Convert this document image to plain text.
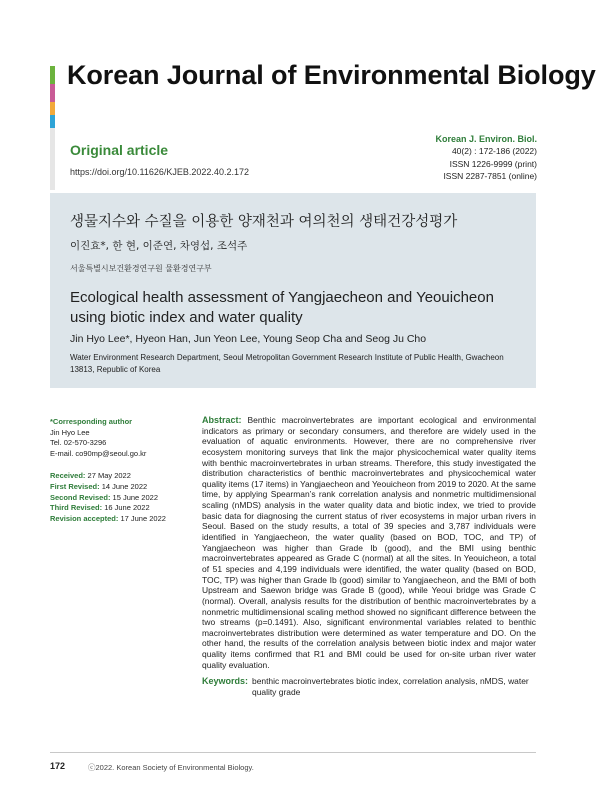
Korean Journal of Environmental Biology
Original article
https://doi.org/10.11626/KJEB.2022.40.2.172
Korean J. Environ. Biol.
40(2) : 172-186 (2022)
ISSN 1226-9999 (print)
ISSN 2287-7851 (online)
생물지수와 수질을 이용한 양재천과 여의천의 생태건강성평가
이진효*, 한 현, 이준연, 차영섭, 조석주
서울특별시보건환경연구원 물환경연구부
Ecological health assessment of Yangjaecheon and Yeouicheon using biotic index and water quality
Jin Hyo Lee*, Hyeon Han, Jun Yeon Lee, Young Seop Cha and Seog Ju Cho
Water Environment Research Department, Seoul Metropolitan Government Research Institute of Public Health, Gwacheon 13813, Republic of Korea

*Corresponding author

Jin Hyo Lee

Tel. 02-570-3296

E-mail. co90mp@seoul.go.kr

Received: 27 May 2022

First Revised: 14 June 2022

Second Revised: 15 June 2022

Third Revised: 16 June 2022

Revision accepted: 17 June 2022

Abstract: Benthic macroinvertebrates are important ecological and environmental indicators as primary or secondary consumers, and therefore are widely used in the evaluation of aquatic environments. However, there are no comprehensive river ecosystem monitoring surveys that link the major physicochemical water quality items with benthic macroinvertebrates in urban streams. Therefore, this study investigated the distribution characteristics of benthic macroinvertebrates and physicochemical water quality items (17 items) in Yangjaecheon and Yeouicheon from 2019 to 2020. At the same time, by applying Spearman’s rank correlation analysis and nonmetric multidimensional scaling (nMDS) analysis in the water quality data and biotic index, we tried to provide basic data for diagnosing the current status of river ecosystems in major urban rivers in Seoul. Based on the study results, a total of 39 species and 3,787 individuals were identified in Yangjaecheon, the water quality (based on BOD, TOC, and TP) of Yangjaecheon was higher than Grade Ib (good), and the BMI using benthic macroinvertebrates appeared as Grade C (normal) at all the sites. In Yeouicheon, a total of 51 species and 4,199 individuals were identified, the water quality (based on BOD, TOC, TP) was higher than Grade Ib (good) similar to Yangjaecheon, and the BMI of both Upstream and Saewon bridge was Grade B (good), while Yeoui bridge was Grade C (normal). Overall, analysis results for the distribution of benthic macroinvertebrates by a nonmetric multidimensional scaling method showed no significant difference between the two streams (p=0.1491). Also, significant environmental variables related to benthic macroinvertebrates distribution were determined as water temperature and DO. On the other hand, the results of the correlation analysis between biotic index and major water quality items confirmed that R1 and BMI could be used for on-site urban river water quality evaluation.
Keywords: benthic macroinvertebrates biotic index, correlation analysis, nMDS, water quality grade
172	ⓒ2022. Korean Society of Environmental Biology.
